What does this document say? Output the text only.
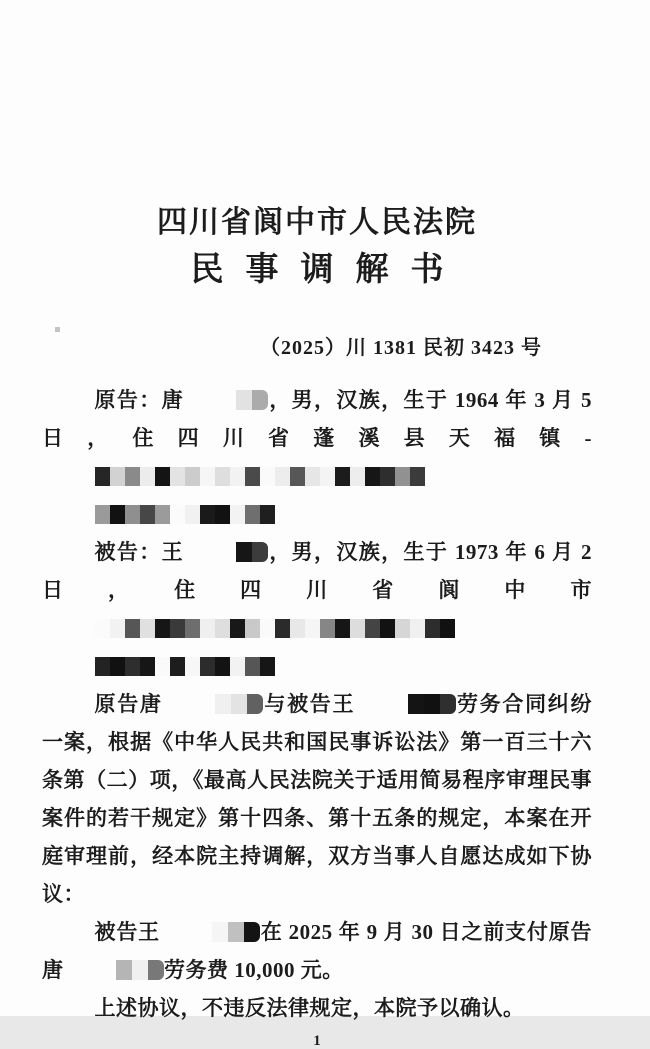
四川省阆中市人民法院
民事调解书
（2025）川 1381 民初 3423 号

原告：唐	，男，汉族，生于 1964 年 3 月 5 日，住四川省蓬溪县天福镇-

被告：王	，男，汉族，生于 1973 年 6 月 2 日，住四川省阆中市

原告唐	与被告王	劳务合同纠纷一案，根据《中华人民共和国民事诉讼法》第一百三十六条第（二）项，《最高人民法院关于适用简易程序审理民事案件的若干规定》第十四条、第十五条的规定，本案在开庭审理前，经本院主持调解，双方当事人自愿达成如下协议：

被告王	在 2025 年 9 月 30 日之前支付原告唐	劳务费 10,000 元。

上述协议，不违反法律规定，本院予以确认。

1
